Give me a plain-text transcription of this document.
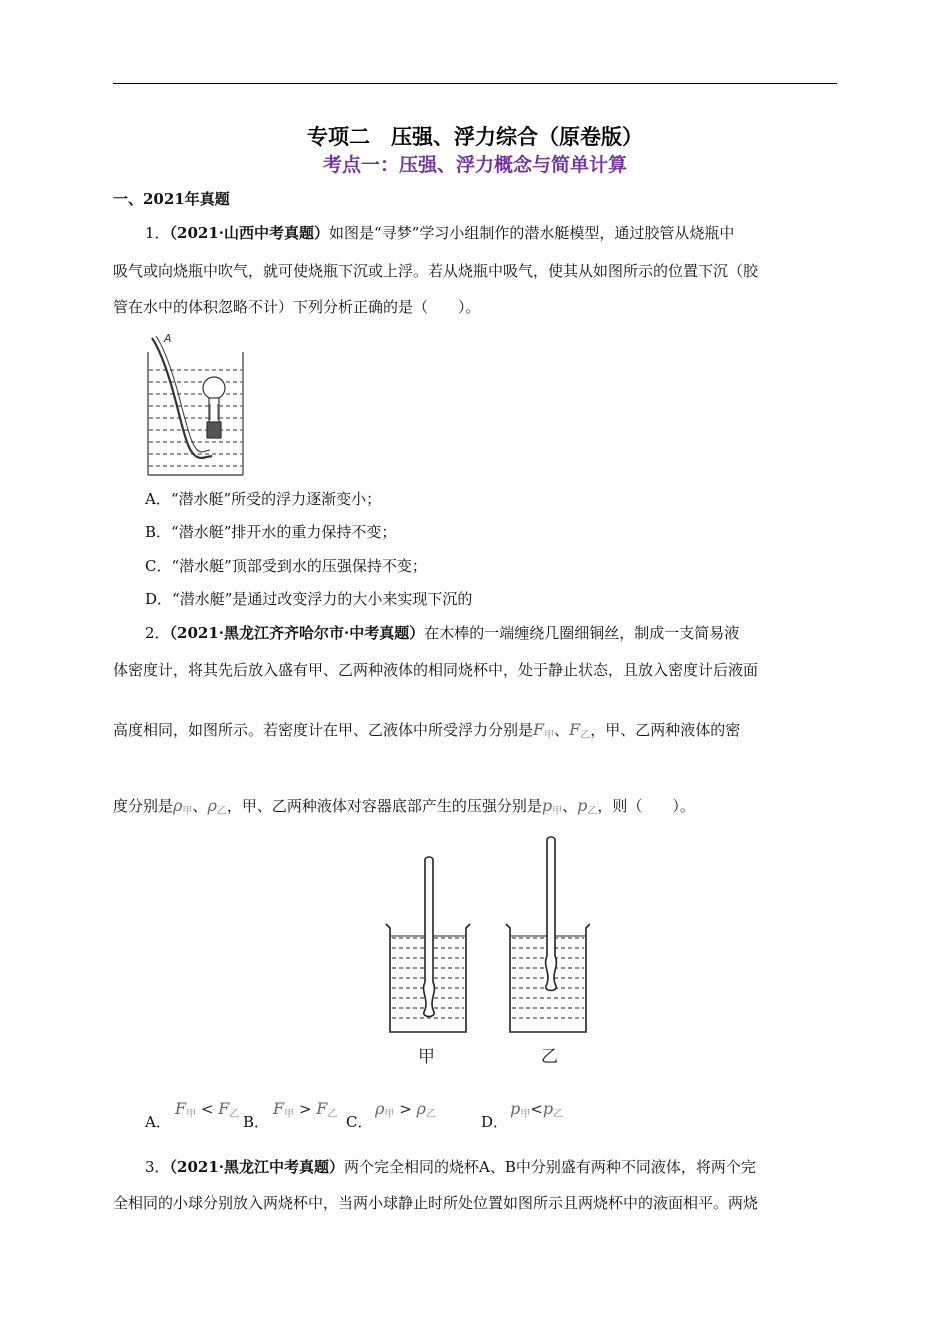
专项二　压强、浮力综合（原卷版）
考点一：压强、浮力概念与简单计算
一、2021年真题
1．（2021·山西中考真题）如图是“寻梦”学习小组制作的潜水艇模型，通过胶管从烧瓶中
吸气或向烧瓶中吹气，就可使烧瓶下沉或上浮。若从烧瓶中吸气，使其从如图所示的位置下沉（胶
管在水中的体积忽略不计）下列分析正确的是（　　）。
A
A．“潜水艇”所受的浮力逐渐变小；
B．“潜水艇”排开水的重力保持不变；
C．“潜水艇”顶部受到水的压强保持不变；
D．“潜水艇”是通过改变浮力的大小来实现下沉的
2．（2021·黑龙江齐齐哈尔市·中考真题）在木棒的一端缠绕几圈细铜丝，制成一支简易液
体密度计，将其先后放入盛有甲、乙两种液体的相同烧杯中，处于静止状态，且放入密度计后液面
高度相同，如图所示。若密度计在甲、乙液体中所受浮力分别是$F_甲$、$F_乙$，甲、乙两种液体的密
度分别是$\rho_甲$、$\rho_乙$，甲、乙两种液体对容器底部产生的压强分别是$p_甲$、$p_乙$，则（　　）。
甲	乙
A．
$F_甲 < F_乙$ B．
$F_甲 > F_乙$ C．
$\rho_甲 > \rho_乙$	D．
$p_甲<p_乙$
3．（2021·黑龙江中考真题）两个完全相同的烧杯A、B中分别盛有两种不同液体，将两个完
全相同的小球分别放入两烧杯中，当两小球静止时所处位置如图所示且两烧杯中的液面相平。两烧
